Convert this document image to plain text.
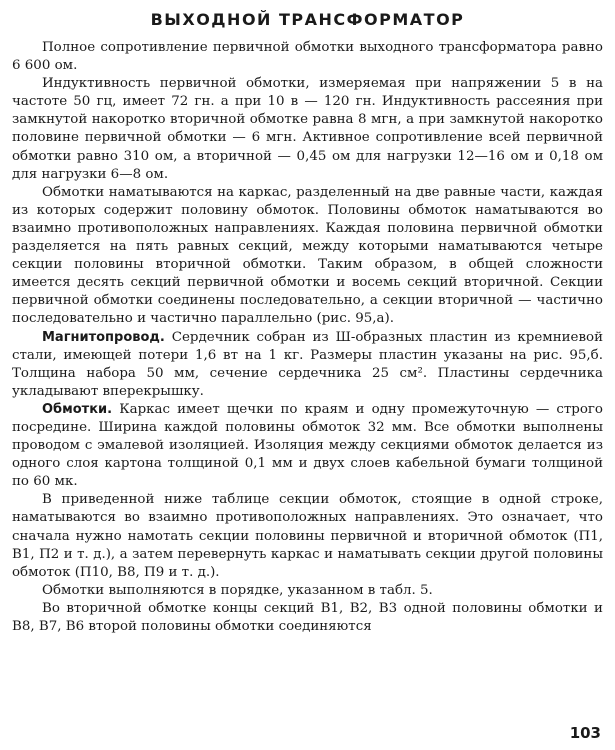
ВЫХОДНОЙ ТРАНСФОРМАТОР

Полное сопротивление первичной обмотки выходного трансформатора равно 6 600 ом.

Индуктивность первичной обмотки, измеряемая при напряжении 5 в на частоте 50 гц, имеет 72 гн. а при 10 в — 120 гн. Индуктивность рассеяния при замкнутой накоротко вторичной обмотке равна 8 мгн, а при замкнутой накоротко половине первичной обмотки — 6 мгн. Активное сопротивление всей первичной обмотки равно 310 ом, а вторичной — 0,45 ом для нагрузки 12—16 ом и 0,18 ом для нагрузки 6—8 ом.

Обмотки наматываются на каркас, разделенный на две равные части, каждая из которых содержит половину обмоток. Половины обмоток наматываются во взаимно противоположных направлениях. Каждая половина первичной обмотки разделяется на пять равных секций, между которыми наматываются четыре секции половины вторичной обмотки. Таким образом, в общей сложности имеется десять секций первичной обмотки и восемь секций вторичной. Секции первичной обмотки соединены последовательно, а секции вторичной — частично последовательно и частично параллельно (рис. 95,а).

Магнитопровод. Сердечник собран из Ш-образных пластин из кремниевой стали, имеющей потери 1,6 вт на 1 кг. Размеры пластин указаны на рис. 95,б. Толщина набора 50 мм, сечение сердечника 25 см². Пластины сердечника укладывают вперекрышку.

Обмотки. Каркас имеет щечки по краям и одну промежуточную — строго посредине. Ширина каждой половины обмоток 32 мм. Все обмотки выполнены проводом с эмалевой изоляцией. Изоляция между секциями обмоток делается из одного слоя картона толщиной 0,1 мм и двух слоев кабельной бумаги толщиной по 60 мк.

В приведенной ниже таблице секции обмоток, стоящие в одной строке, наматываются во взаимно противоположных направлениях. Это означает, что сначала нужно намотать секции половины первичной и вторичной обмоток (П1, В1, П2 и т. д.), а затем перевернуть каркас и наматывать секции другой половины обмоток (П10, В8, П9 и т. д.).

Обмотки выполняются в порядке, указанном в табл. 5.

Во вторичной обмотке концы секций В1, В2, В3 одной половины обмотки и В8, В7, В6 второй половины обмотки соединяются

103
